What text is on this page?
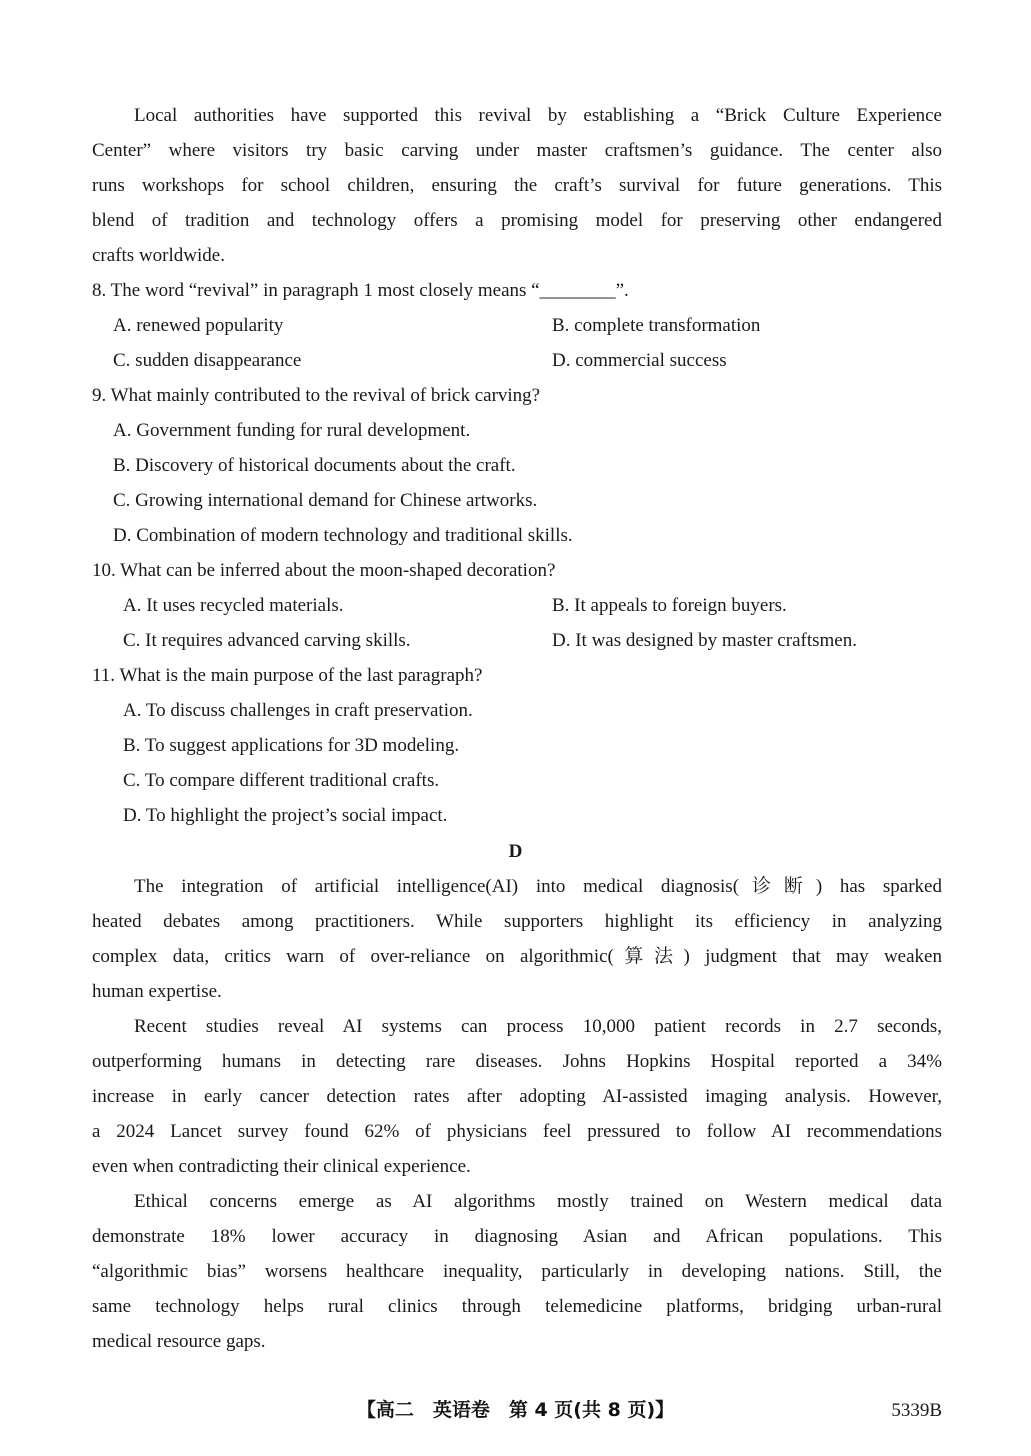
Local authorities have supported this revival by establishing a “Brick Culture Experience
Center” where visitors try basic carving under master craftsmen’s guidance. The center also
runs workshops for school children, ensuring the craft’s survival for future generations. This
blend of tradition and technology offers a promising model for preserving other endangered
crafts worldwide.
8. The word “revival” in paragraph 1 most closely means “________”.
A. renewed popularity	B. complete transformation
C. sudden disappearance	D. commercial success
9. What mainly contributed to the revival of brick carving?
A. Government funding for rural development.
B. Discovery of historical documents about the craft.
C. Growing international demand for Chinese artworks.
D. Combination of modern technology and traditional skills.
10. What can be inferred about the moon-shaped decoration?
A. It uses recycled materials.	B. It appeals to foreign buyers.
C. It requires advanced carving skills.	D. It was designed by master craftsmen.
11. What is the main purpose of the last paragraph?
A. To discuss challenges in craft preservation.
B. To suggest applications for 3D modeling.
C. To compare different traditional crafts.
D. To highlight the project’s social impact.
D
The integration of artificial intelligence(AI) into medical diagnosis(诊断) has sparked
heated debates among practitioners. While supporters highlight its efficiency in analyzing
complex data, critics warn of over-reliance on algorithmic(算法) judgment that may weaken
human expertise.
Recent studies reveal AI systems can process 10,000 patient records in 2.7 seconds,
outperforming humans in detecting rare diseases. Johns Hopkins Hospital reported a 34%
increase in early cancer detection rates after adopting AI-assisted imaging analysis. However,
a 2024 Lancet survey found 62% of physicians feel pressured to follow AI recommendations
even when contradicting their clinical experience.
Ethical concerns emerge as AI algorithms mostly trained on Western medical data
demonstrate 18% lower accuracy in diagnosing Asian and African populations. This
“algorithmic bias” worsens healthcare inequality, particularly in developing nations. Still, the
same technology helps rural clinics through telemedicine platforms, bridging urban-rural
medical resource gaps.
【高二　英语卷　第 4 页(共 8 页)】	5339B
